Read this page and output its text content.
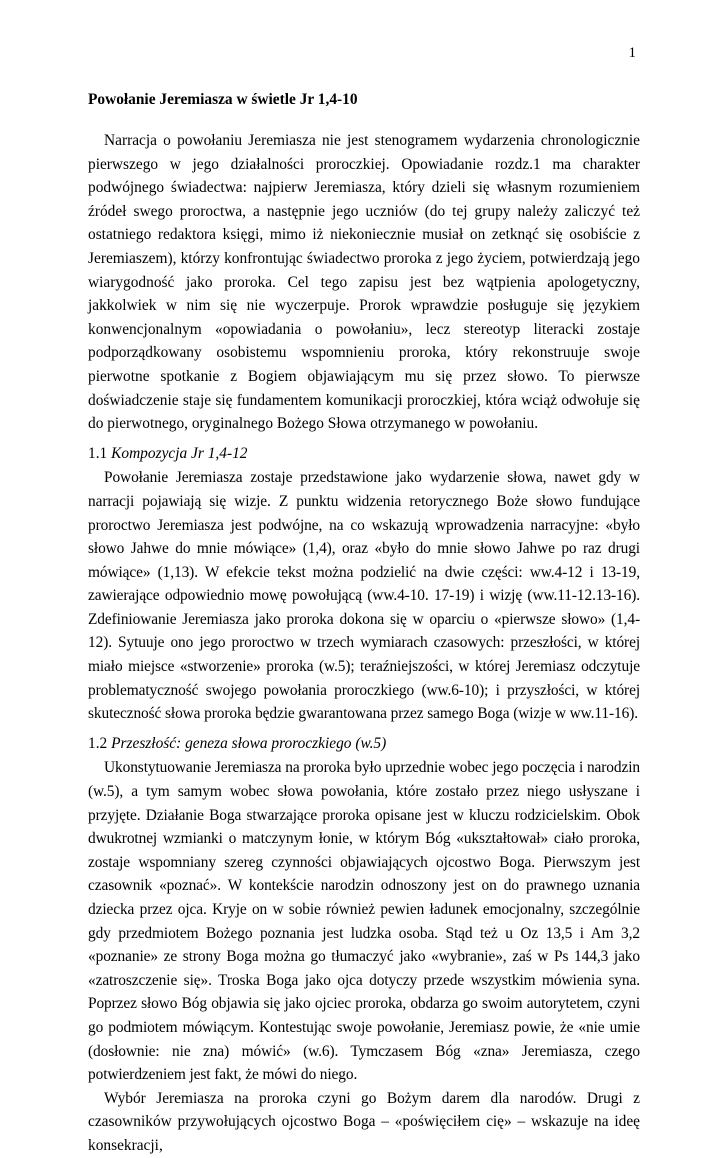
1
Powołanie Jeremiasza w świetle Jr 1,4-10

Narracja o powołaniu Jeremiasza nie jest stenogramem wydarzenia chronologicznie pierwszego w jego działalności proroczkiej. Opowiadanie rozdz.1 ma charakter podwójnego świadectwa: najpierw Jeremiasza, który dzieli się własnym rozumieniem źródeł swego proroctwa, a następnie jego uczniów (do tej grupy należy zaliczyć też ostatniego redaktora księgi, mimo iż niekoniecznie musiał on zetknąć się osobiście z Jeremiaszem), którzy konfrontując świadectwo proroka z jego życiem, potwierdzają jego wiarygodność jako proroka. Cel tego zapisu jest bez wątpienia apologetyczny, jakkolwiek w nim się nie wyczerpuje. Prorok wprawdzie posługuje się językiem konwencjonalnym «opowiadania o powołaniu», lecz stereotyp literacki zostaje podporządkowany osobistemu wspomnieniu proroka, który rekonstruuje swoje pierwotne spotkanie z Bogiem objawiającym mu się przez słowo. To pierwsze doświadczenie staje się fundamentem komunikacji proroczkiej, która wciąż odwołuje się do pierwotnego, oryginalnego Bożego Słowa otrzymanego w powołaniu.

1.1 Kompozycja Jr 1,4-12

Powołanie Jeremiasza zostaje przedstawione jako wydarzenie słowa, nawet gdy w narracji pojawiają się wizje. Z punktu widzenia retorycznego Boże słowo fundujące proroctwo Jeremiasza jest podwójne, na co wskazują wprowadzenia narracyjne: «było słowo Jahwe do mnie mówiące» (1,4), oraz «było do mnie słowo Jahwe po raz drugi mówiące» (1,13). W efekcie tekst można podzielić na dwie części: ww.4-12 i 13-19, zawierające odpowiednio mowę powołującą (ww.4-10. 17-19) i wizję (ww.11-12.13-16). Zdefiniowanie Jeremiasza jako proroka dokona się w oparciu o «pierwsze słowo» (1,4-12). Sytuuje ono jego proroctwo w trzech wymiarach czasowych: przeszłości, w której miało miejsce «stworzenie» proroka (w.5); teraźniejszości, w której Jeremiasz odczytuje problematyczność swojego powołania proroczkiego (ww.6-10); i przyszłości, w której skuteczność słowa proroka będzie gwarantowana przez samego Boga (wizje w ww.11-16).

1.2 Przeszłość: geneza słowa proroczkiego (w.5)

Ukonstytuowanie Jeremiasza na proroka było uprzednie wobec jego poczęcia i narodzin (w.5), a tym samym wobec słowa powołania, które zostało przez niego usłyszane i przyjęte. Działanie Boga stwarzające proroka opisane jest w kluczu rodzicielskim. Obok dwukrotnej wzmianki o matczynym łonie, w którym Bóg «ukształtował» ciało proroka, zostaje wspomniany szereg czynności objawiających ojcostwo Boga. Pierwszym jest czasownik «poznać». W kontekście narodzin odnoszony jest on do prawnego uznania dziecka przez ojca. Kryje on w sobie również pewien ładunek emocjonalny, szczególnie gdy przedmiotem Bożego poznania jest ludzka osoba. Stąd też u Oz 13,5 i Am 3,2 «poznanie» ze strony Boga można go tłumaczyć jako «wybranie», zaś w Ps 144,3 jako «zatroszczenie się». Troska Boga jako ojca dotyczy przede wszystkim mówienia syna. Poprzez słowo Bóg objawia się jako ojciec proroka, obdarza go swoim autorytetem, czyni go podmiotem mówiącym. Kontestując swoje powołanie, Jeremiasz powie, że «nie umie (dosłownie: nie zna) mówić» (w.6). Tymczasem Bóg «zna» Jeremiasza, czego potwierdzeniem jest fakt, że mówi do niego.

Wybór Jeremiasza na proroka czyni go Bożym darem dla narodów. Drugi z czasowników przywołujących ojcostwo Boga – «poświęciłem cię» – wskazuje na ideę konsekracji,
